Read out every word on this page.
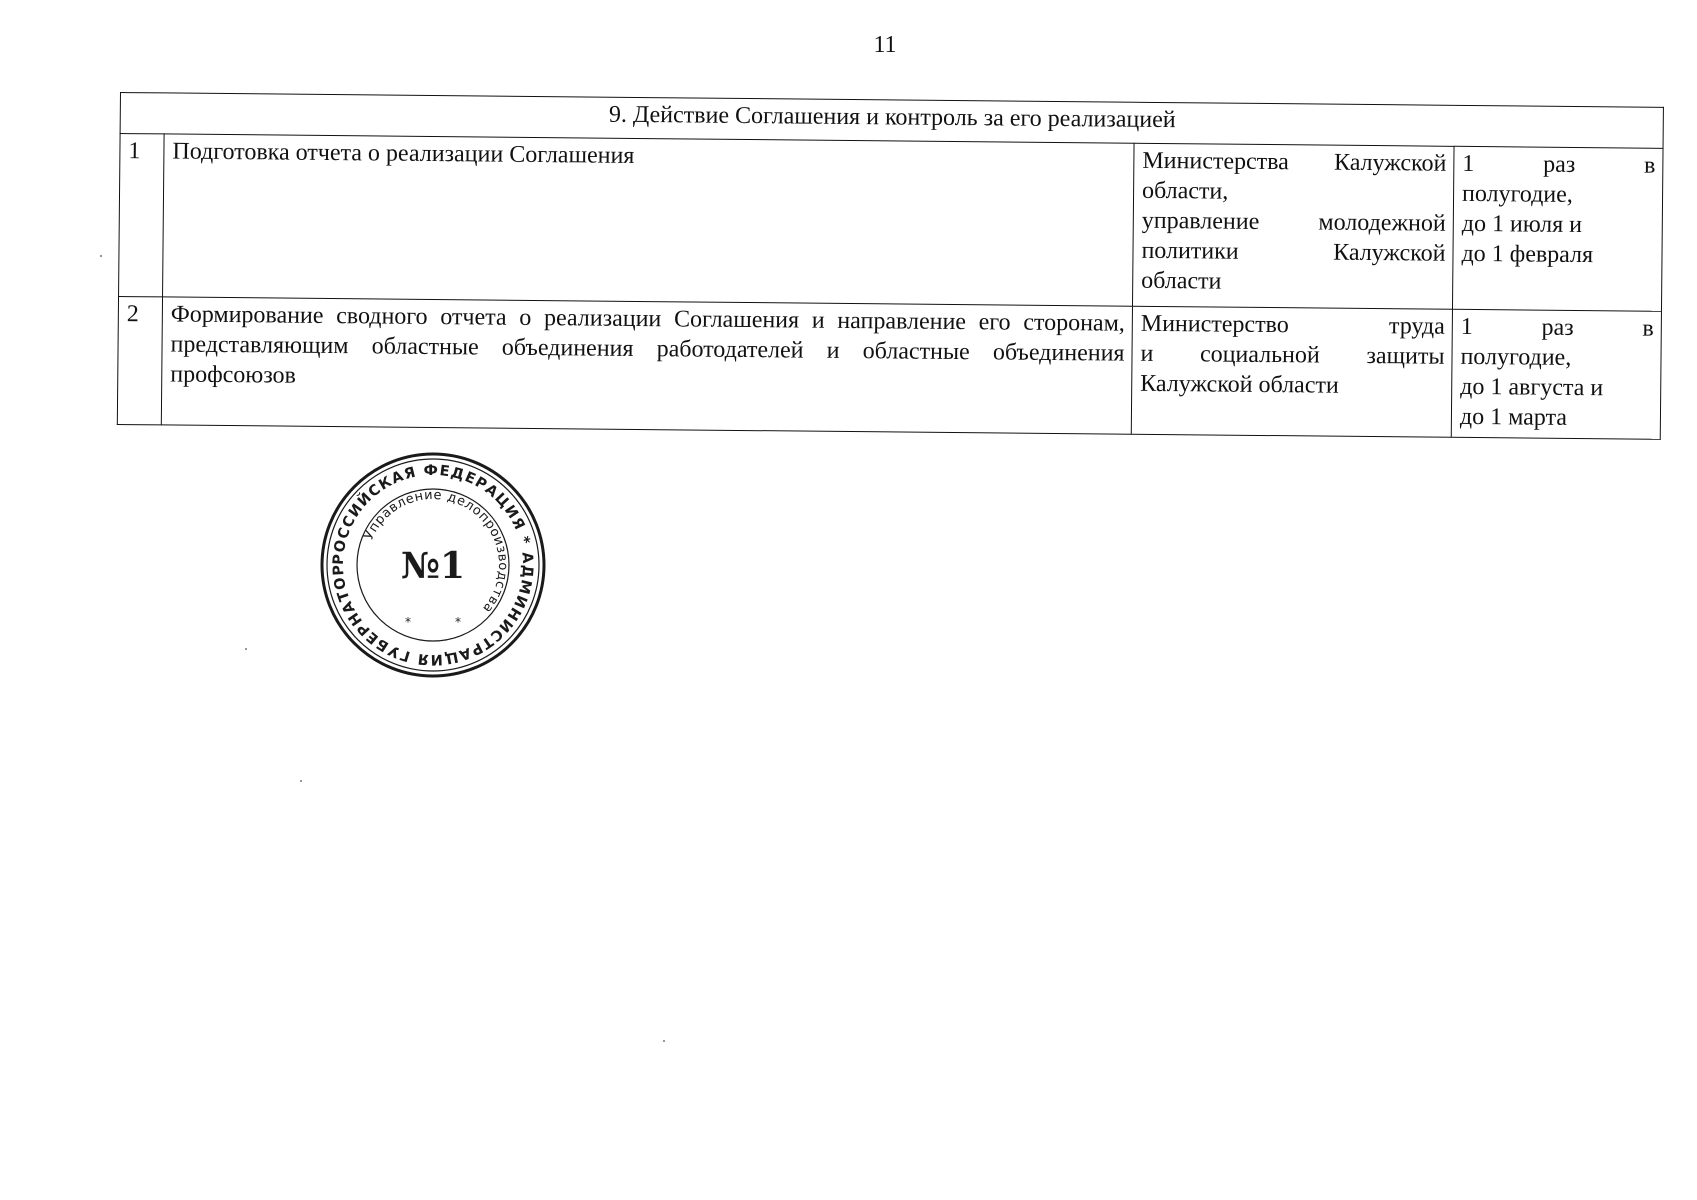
11
9. Действие Соглашения и контроль за его реализацией			
1	Подготовка отчета о реализации Соглашения	Министерства Калужской
области,
управление молодежной
политики Калужской
области	1 раз в
полугодие,
до 1 июля и
до 1 февраля

2	Формирование сводного отчета о реализации Соглашения и направление его сторонам, представляющим областные объединения работодателей и областные объединения профсоюзов	Министерство труда
и социальной защиты
Калужской области	1 раз в
полугодие,
до 1 августа и
до 1 марта
РОССИЙСКАЯ ФЕДЕРАЦИЯ * АДМИНИСТРАЦИЯ ГУБЕРНАТОР
Управление делопроизводства
№1
*
*
